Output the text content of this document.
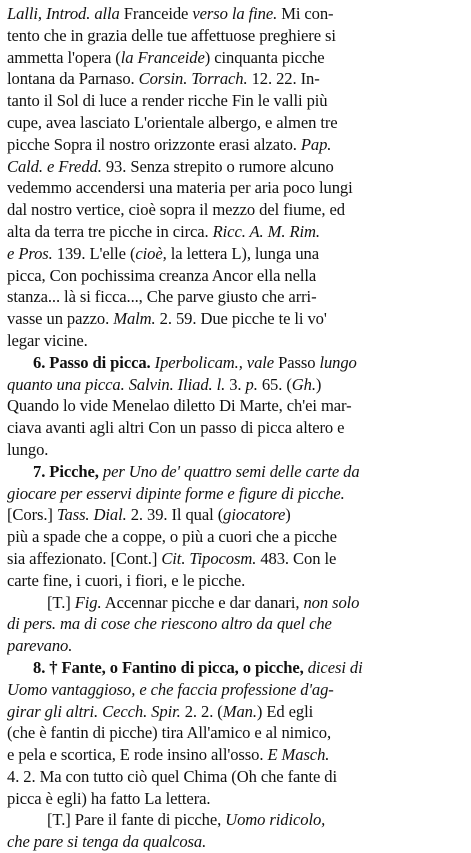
Lalli, Introd. alla Franceide verso la fine. Mi con-
tento che in grazia delle tue affettuose preghiere si
ammetta l'opera (la Franceide) cinquanta picche
lontana da Parnaso. Corsin. Torrach. 12. 22. In-
tanto il Sol di luce a render ricche Fin le valli più
cupe, avea lasciato L'orientale albergo, e almen tre
picche Sopra il nostro orizzonte erasi alzato. Pap.
Cald. e Fredd. 93. Senza strepito o rumore alcuno
vedemmo accendersi una materia per aria poco lungi
dal nostro vertice, cioè sopra il mezzo del fiume, ed
alta da terra tre picche in circa. Ricc. A. M. Rim.
e Pros. 139. L'elle (cioè, la lettera L), lunga una
picca, Con pochissima creanza Ancor ella nella
stanza... là si ficca..., Che parve giusto che arri-
vasse un pazzo. Malm. 2. 59. Due picche te li vo'
legar vicine.
6. Passo di picca. Iperbolicam., vale Passo lungo
quanto una picca. Salvin. Iliad. l. 3. p. 65. (Gh.)
Quando lo vide Menelao diletto Di Marte, ch'ei mar-
ciava avanti agli altri Con un passo di picca altero e
lungo.
7. Picche, per Uno de' quattro semi delle carte da
giocare per esservi dipinte forme e figure di picche.
[Cors.] Tass. Dial. 2. 39. Il qual (giocatore)
più a spade che a coppe, o più a cuori che a picche
sia affezionato. [Cont.] Cit. Tipocosm. 483. Con le
carte fine, i cuori, i fiori, e le picche.
[T.] Fig. Accennar picche e dar danari, non solo
di pers. ma di cose che riescono altro da quel che
parevano.
8. † Fante, o Fantino di picca, o picche, dicesi di
Uomo vantaggioso, e che faccia professione d'ag-
girar gli altri. Cecch. Spir. 2. 2. (Man.) Ed egli
(che è fantin di picche) tira All'amico e al nimico,
e pela e scortica, E rode insino all'osso. E Masch.
4. 2. Ma con tutto ciò quel Chima (Oh che fante di
picca è egli) ha fatto La lettera.
[T.] Pare il fante di picche, Uomo ridicolo,
che pare si tenga da qualcosa.
